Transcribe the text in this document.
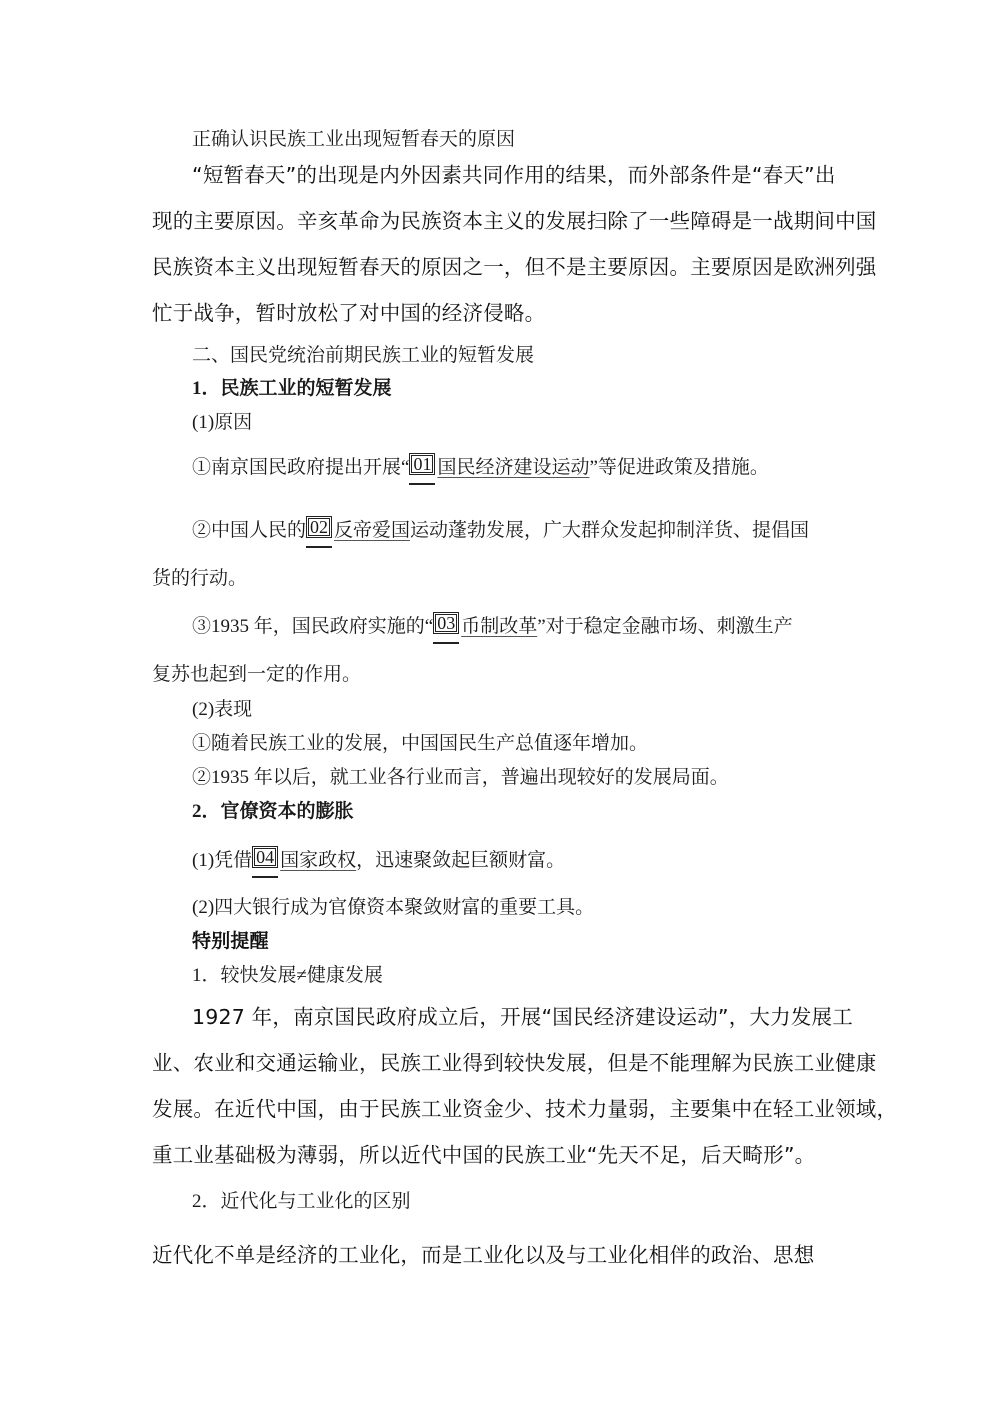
正确认识民族工业出现短暂春天的原因
“短暂春天”的出现是内外因素共同作用的结果，而外部条件是“春天”出
现的主要原因。辛亥革命为民族资本主义的发展扫除了一些障碍是一战期间中国
民族资本主义出现短暂春天的原因之一，但不是主要原因。主要原因是欧洲列强
忙于战争，暂时放松了对中国的经济侵略。
二、国民党统治前期民族工业的短暂发展
1．民族工业的短暂发展
(1)原因
①南京国民政府提出开展“ 01 国民经济建设运动”等促进政策及措施。
②中国人民的 02 反帝爱国运动蓬勃发展，广大群众发起抑制洋货、提倡国
货的行动。
③1935 年，国民政府实施的“ 03 币制改革”对于稳定金融市场、刺激生产
复苏也起到一定的作用。
(2)表现
①随着民族工业的发展，中国国民生产总值逐年增加。
②1935 年以后，就工业各行业而言，普遍出现较好的发展局面。
2．官僚资本的膨胀
(1)凭借 04 国家政权，迅速聚敛起巨额财富。
(2)四大银行成为官僚资本聚敛财富的重要工具。
特别提醒
1．较快发展≠健康发展
1927 年，南京国民政府成立后，开展“国民经济建设运动”，大力发展工
业、农业和交通运输业，民族工业得到较快发展，但是不能理解为民族工业健康
发展。在近代中国，由于民族工业资金少、技术力量弱，主要集中在轻工业领域，
重工业基础极为薄弱，所以近代中国的民族工业“先天不足，后天畸形”。
2．近代化与工业化的区别
近代化不单是经济的工业化，而是工业化以及与工业化相伴的政治、思想
